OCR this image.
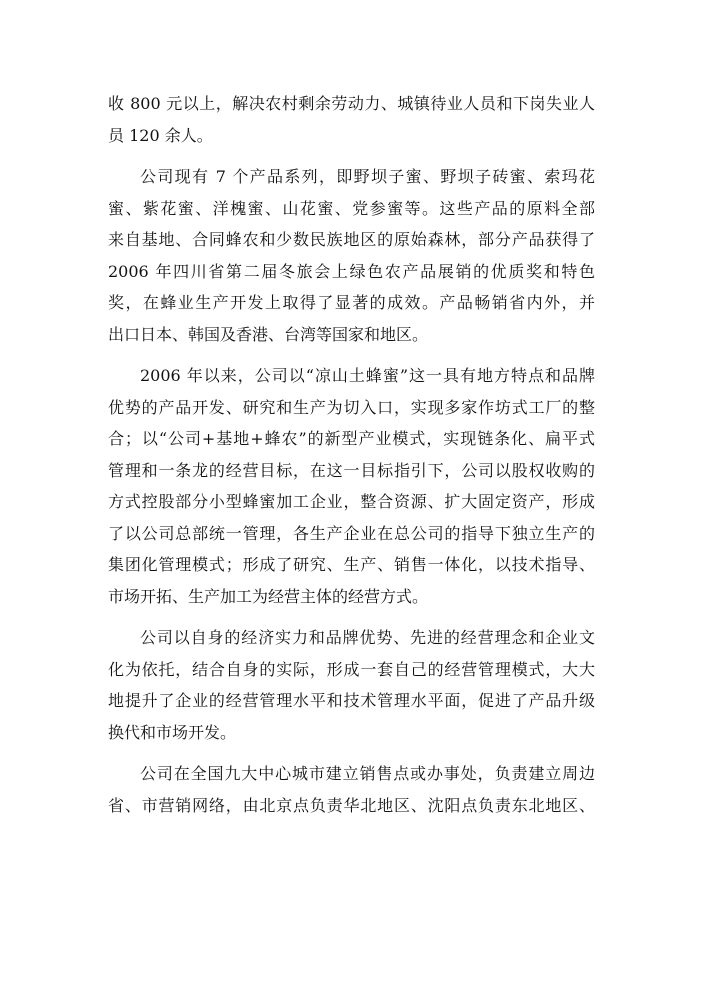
收 800 元以上，解决农村剩余劳动力、城镇待业人员和下岗失业人
员 120 余人。

公司现有 7 个产品系列，即野坝子蜜、野坝子砖蜜、索玛花
蜜、紫花蜜、洋槐蜜、山花蜜、党参蜜等。这些产品的原料全部
来自基地、合同蜂农和少数民族地区的原始森林，部分产品获得了
2006 年四川省第二届冬旅会上绿色农产品展销的优质奖和特色
奖，在蜂业生产开发上取得了显著的成效。产品畅销省内外，并
出口日本、韩国及香港、台湾等国家和地区。

2006 年以来，公司以“凉山土蜂蜜”这一具有地方特点和品牌
优势的产品开发、研究和生产为切入口，实现多家作坊式工厂的整
合；以“公司+基地+蜂农”的新型产业模式，实现链条化、扁平式
管理和一条龙的经营目标，在这一目标指引下，公司以股权收购的
方式控股部分小型蜂蜜加工企业，整合资源、扩大固定资产，形成
了以公司总部统一管理，各生产企业在总公司的指导下独立生产的
集团化管理模式；形成了研究、生产、销售一体化，以技术指导、
市场开拓、生产加工为经营主体的经营方式。

公司以自身的经济实力和品牌优势、先进的经营理念和企业文
化为依托，结合自身的实际，形成一套自己的经营管理模式，大大
地提升了企业的经营管理水平和技术管理水平面，促进了产品升级
换代和市场开发。

公司在全国九大中心城市建立销售点或办事处，负责建立周边
省、市营销网络，由北京点负责华北地区、沈阳点负责东北地区、
